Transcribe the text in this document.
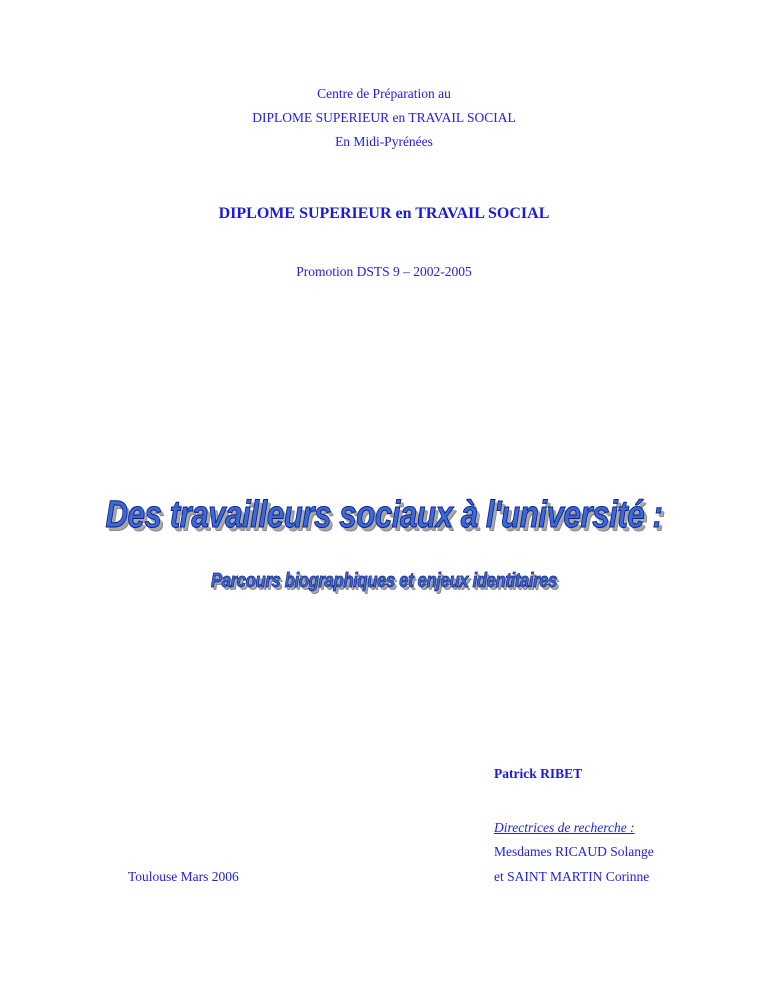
Centre de Préparation au
DIPLOME SUPERIEUR en TRAVAIL SOCIAL
En Midi-Pyrénées
DIPLOME SUPERIEUR en TRAVAIL SOCIAL
Promotion DSTS 9 – 2002-2005
Des travailleurs sociaux à l'université :
Parcours biographiques et enjeux identitaires
Patrick RIBET
Directrices de recherche :
Mesdames RICAUD Solange
et SAINT MARTIN Corinne
Toulouse Mars 2006
